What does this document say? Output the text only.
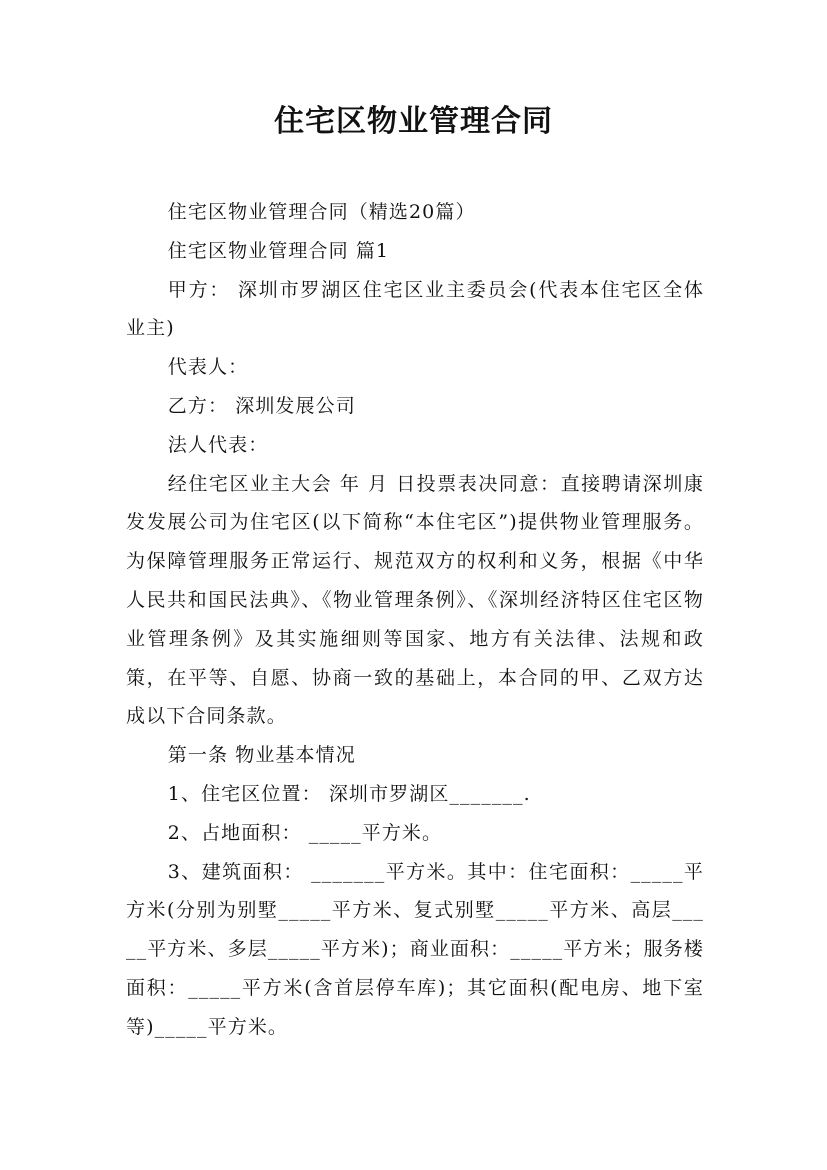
住宅区物业管理合同

住宅区物业管理合同（精选20篇）

住宅区物业管理合同 篇1

甲方： 深圳市罗湖区住宅区业主委员会(代表本住宅区全体业主)

代表人：

乙方： 深圳发展公司

法人代表：

经住宅区业主大会 年 月 日投票表决同意：直接聘请深圳康发发展公司为住宅区(以下简称“本住宅区”)提供物业管理服务。为保障管理服务正常运行、规范双方的权利和义务，根据《中华人民共和国民法典》、《物业管理条例》、《深圳经济特区住宅区物业管理条例》及其实施细则等国家、地方有关法律、法规和政策，在平等、自愿、协商一致的基础上，本合同的甲、乙双方达成以下合同条款。

第一条 物业基本情况

1、住宅区位置： 深圳市罗湖区_______.

2、占地面积： _____平方米。

3、建筑面积： _______平方米。其中：住宅面积：_____平方米(分别为别墅_____平方米、复式别墅_____平方米、高层_____平方米、多层_____平方米)；商业面积：_____平方米；服务楼面积：_____平方米(含首层停车库)；其它面积(配电房、地下室等)_____平方米。
